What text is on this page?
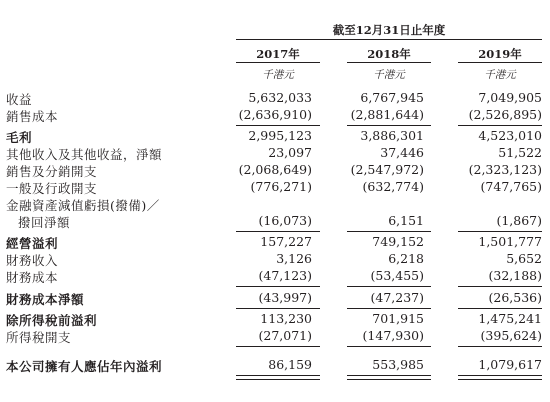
截至12月31日止年度
2017年	2018年	2019年
千港元	千港元	千港元
收益	5,632,033	6,767,945	7,049,905
銷售成本	(2,636,910)	(2,881,644)	(2,526,895)
毛利	2,995,123	3,886,301	4,523,010
其他收入及其他收益，淨額	23,097	37,446	51,522
銷售及分銷開支	(2,068,649)	(2,547,972)	(2,323,123)
一般及行政開支	(776,271)	(632,774)	(747,765)
金融資產減值虧損(撥備)／
撥回淨額	(16,073)	6,151	(1,867)
經營溢利	157,227	749,152	1,501,777
財務收入	3,126	6,218	5,652
財務成本	(47,123)	(53,455)	(32,188)
財務成本淨額	(43,997)	(47,237)	(26,536)
除所得稅前溢利	113,230	701,915	1,475,241
所得稅開支	(27,071)	(147,930)	(395,624)
本公司擁有人應佔年內溢利	86,159	553,985	1,079,617
